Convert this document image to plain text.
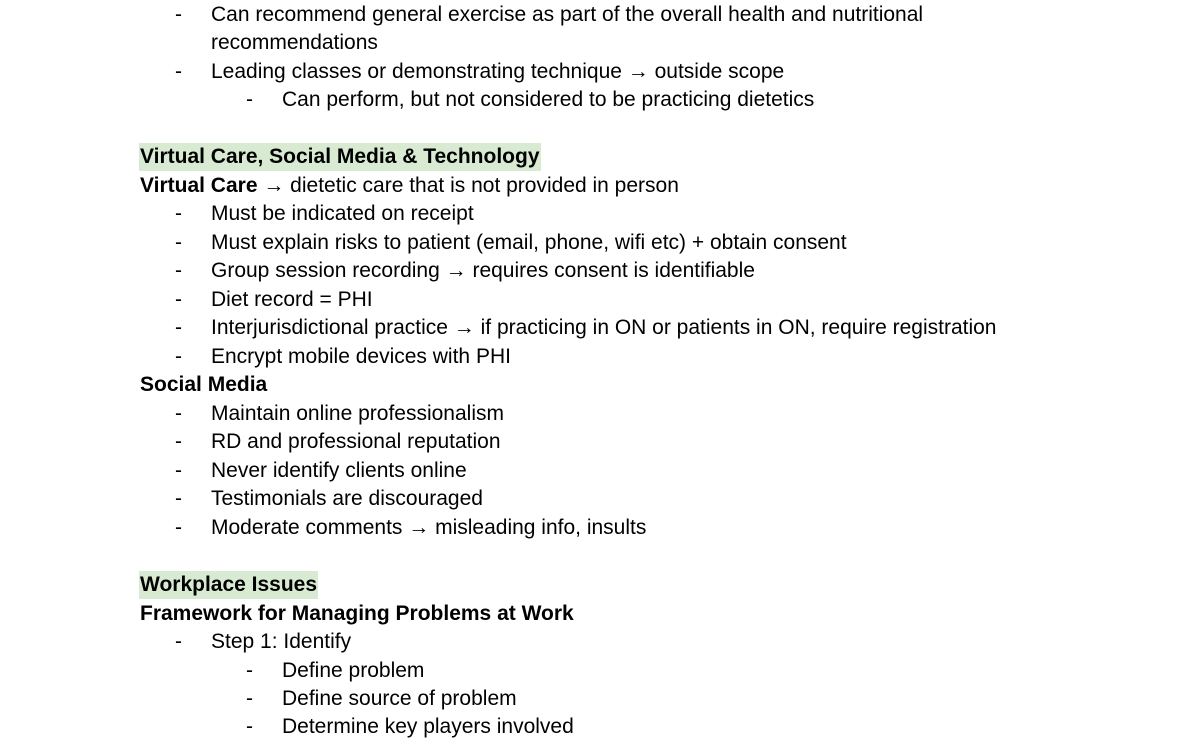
- Can recommend general exercise as part of the overall health and nutritional
recommendations
- Leading classes or demonstrating technique → outside scope
- Can perform, but not considered to be practicing dietetics
Virtual Care, Social Media & Technology
Virtual Care → dietetic care that is not provided in person
- Must be indicated on receipt
- Must explain risks to patient (email, phone, wifi etc) + obtain consent
- Group session recording → requires consent is identifiable
- Diet record = PHI
- Interjurisdictional practice → if practicing in ON or patients in ON, require registration
- Encrypt mobile devices with PHI
Social Media
- Maintain online professionalism
- RD and professional reputation
- Never identify clients online
- Testimonials are discouraged
- Moderate comments → misleading info, insults
Workplace Issues
Framework for Managing Problems at Work
- Step 1: Identify
- Define problem
- Define source of problem
- Determine key players involved
